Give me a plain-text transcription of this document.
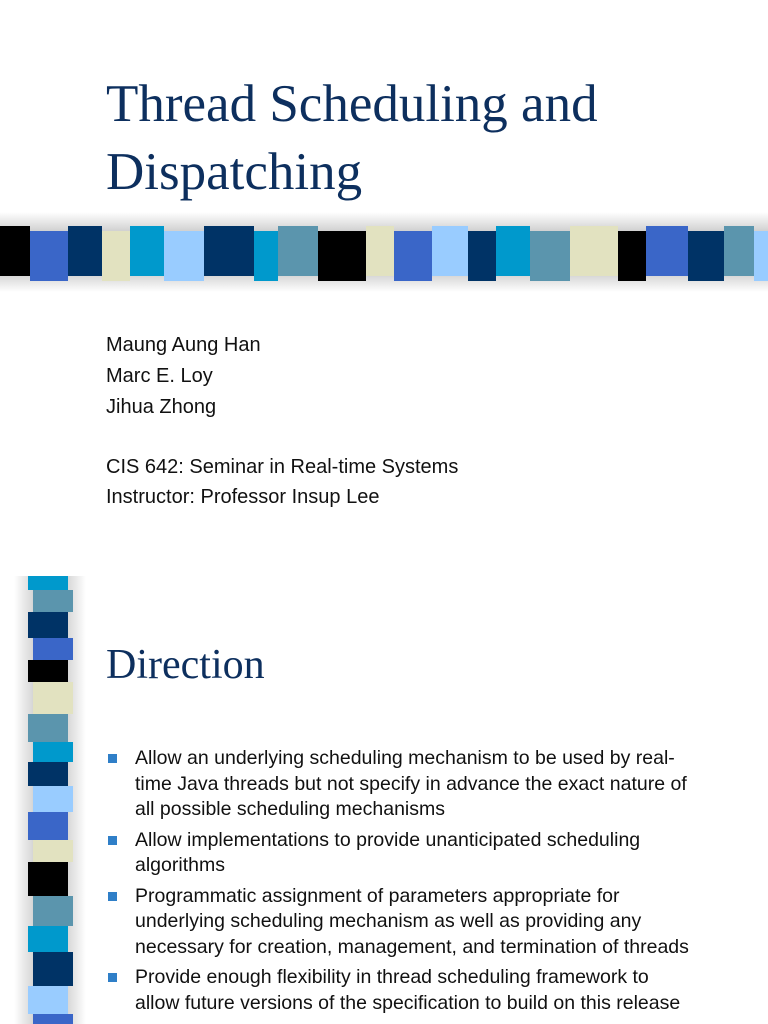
Thread Scheduling and
Dispatching
Maung Aung Han
Marc E. Loy
Jihua Zhong
CIS 642: Seminar in Real-time Systems
Instructor: Professor Insup Lee
Direction
Allow an underlying scheduling mechanism to be used by real-
time Java threads but not specify in advance the exact nature of
all possible scheduling mechanisms
Allow implementations to provide unanticipated scheduling
algorithms
Programmatic assignment of parameters appropriate for
underlying scheduling mechanism as well as providing any
necessary for creation, management, and termination of threads
Provide enough flexibility in thread scheduling framework to
allow future versions of the specification to build on this release
